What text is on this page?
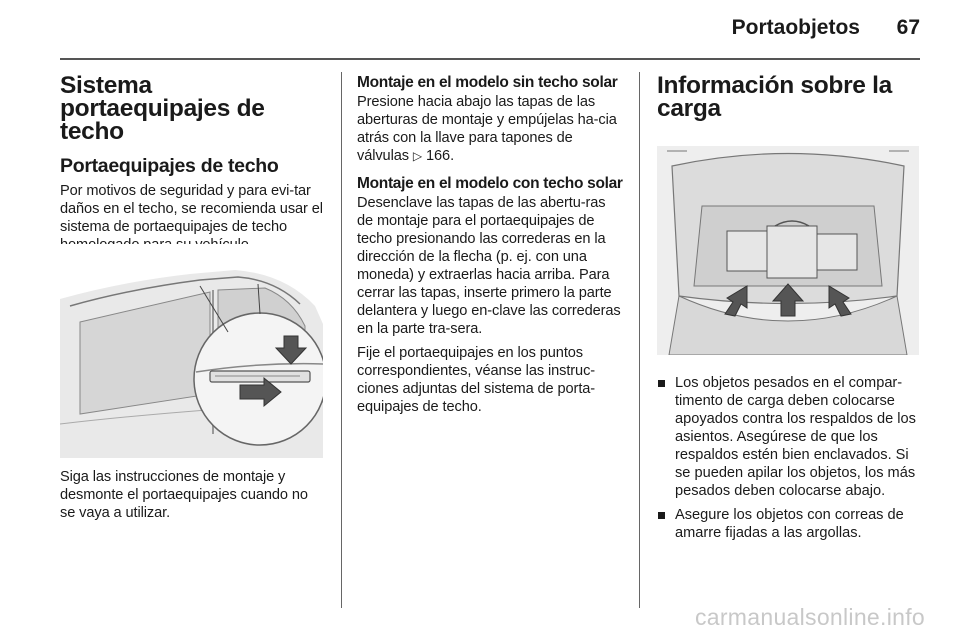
Portaobjetos	67
Sistema portaequipajes de techo
Portaequipajes de techo

Por motivos de seguridad y para evi-tar daños en el techo, se recomienda usar el sistema de portaequipajes de techo

Siga las instrucciones de montaje y desmonte el portaequipajes cuando no se vaya a utilizar.

Montaje en el modelo sin techo solar

Presione hacia abajo las tapas de las aberturas de montaje y empújelas ha-cia atrás con la llave para tapones de válvulas ▷ 166.

Montaje en el modelo con techo solar

Desenclave las tapas de las abertu-ras de montaje para el portaequipajes de techo presionando las correderas en la dirección de la flecha (p. ej. con una moneda) y extraerlas hacia arriba. Para cerrar las tapas, inserte primero la parte delantera y luego en-clave las correderas en la parte tra-sera.

Fije el portaequipajes en los puntos correspondientes, véanse las instruc-ciones adjuntas del sistema de porta-equipajes de techo.

Información sobre la carga
Los objetos pesados en el compar-timento de carga deben colocarse apoyados contra los respaldos de los asientos. Asegúrese de que los respaldos estén bien enclavados. Si se pueden apilar los objetos, los más pesados deben colocarse abajo.
Asegure los objetos con correas de amarre fijadas a las argollas.
carmanualsonline.info
